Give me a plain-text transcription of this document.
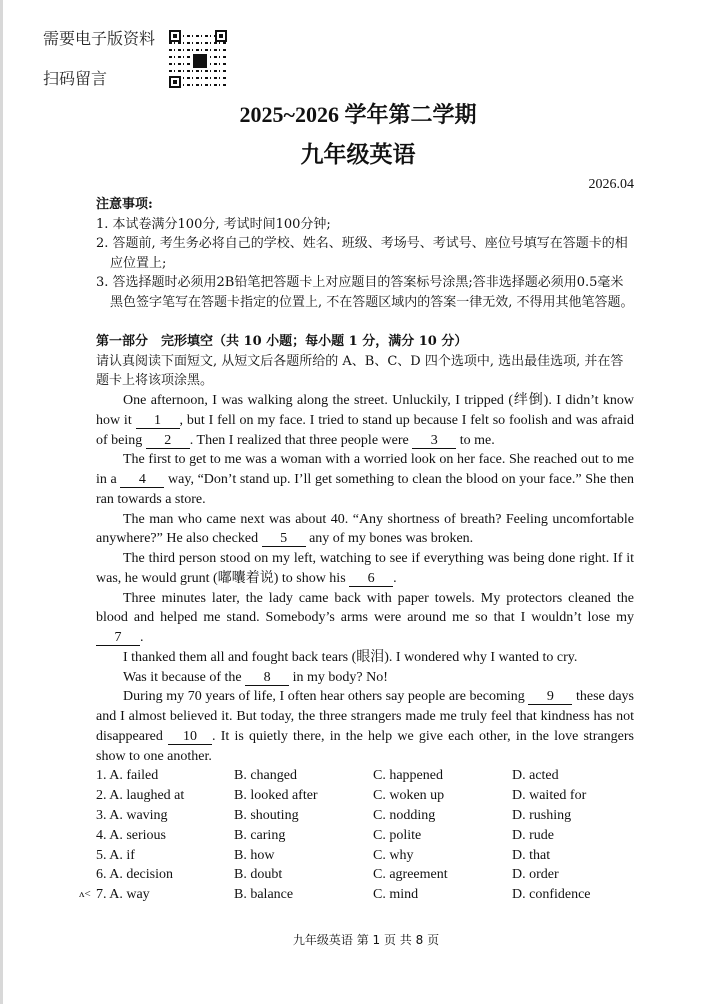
需要电子版资料
扫码留言
2025~2026 学年第二学期
九年级英语
2026.04
注意事项:
1. 本试卷满分100分, 考试时间100分钟;
2. 答题前, 考生务必将自己的学校、姓名、班级、考场号、考试号、座位号填写在答题卡的相应位置上;
3. 答选择题时必须用2B铅笔把答题卡上对应题目的答案标号涂黑;答非选择题必须用0.5毫米黑色签字笔写在答题卡指定的位置上, 不在答题区域内的答案一律无效, 不得用其他笔答题。
第一部分　完形填空（共 10 小题；每小题 1 分，满分 10 分）
请认真阅读下面短文, 从短文后各题所给的 A、B、C、D 四个选项中, 选出最佳选项, 并在答题卡上将该项涂黑。

One afternoon, I was walking along the street. Unluckily, I tripped (绊倒). I didn’t know how it 1 , but I fell on my face. I tried to stand up because I felt so foolish and was afraid of being 2 . Then I realized that three people were 3 to me.

The first to get to me was a woman with a worried look on her face. She reached out to me in a 4 way, “Don’t stand up. I’ll get something to clean the blood on your face.” She then ran towards a store.

The man who came next was about 40. “Any shortness of breath? Feeling uncomfortable anywhere?” He also checked 5 any of my bones was broken.

The third person stood on my left, watching to see if everything was being done right. If it was, he would grunt (嘟囔着说) to show his 6 .

Three minutes later, the lady came back with paper towels. My protectors cleaned the blood and helped me stand. Somebody’s arms were around me so that I wouldn’t lose my 7 .

I thanked them all and fought back tears (眼泪). I wondered why I wanted to cry.

Was it because of the 8 in my body? No!

During my 70 years of life, I often hear others say people are becoming 9 these days and I almost believed it. But today, the three strangers made me truly feel that kindness has not disappeared 10 . It is quietly there, in the help we give each other, in the love strangers show to one another.

1. A. failed	B. changed	C. happened	D. acted
2. A. laughed at	B. looked after	C. woken up	D. waited for
3. A. waving	B. shouting	C. nodding	D. rushing
4. A. serious	B. caring	C. polite	D. rude
5. A. if	B. how	C. why	D. that
6. A. decision	B. doubt	C. agreement	D. order
ʌ< 7. A. way	B. balance	C. mind	D. confidence
九年级英语 第 1 页 共 8 页
